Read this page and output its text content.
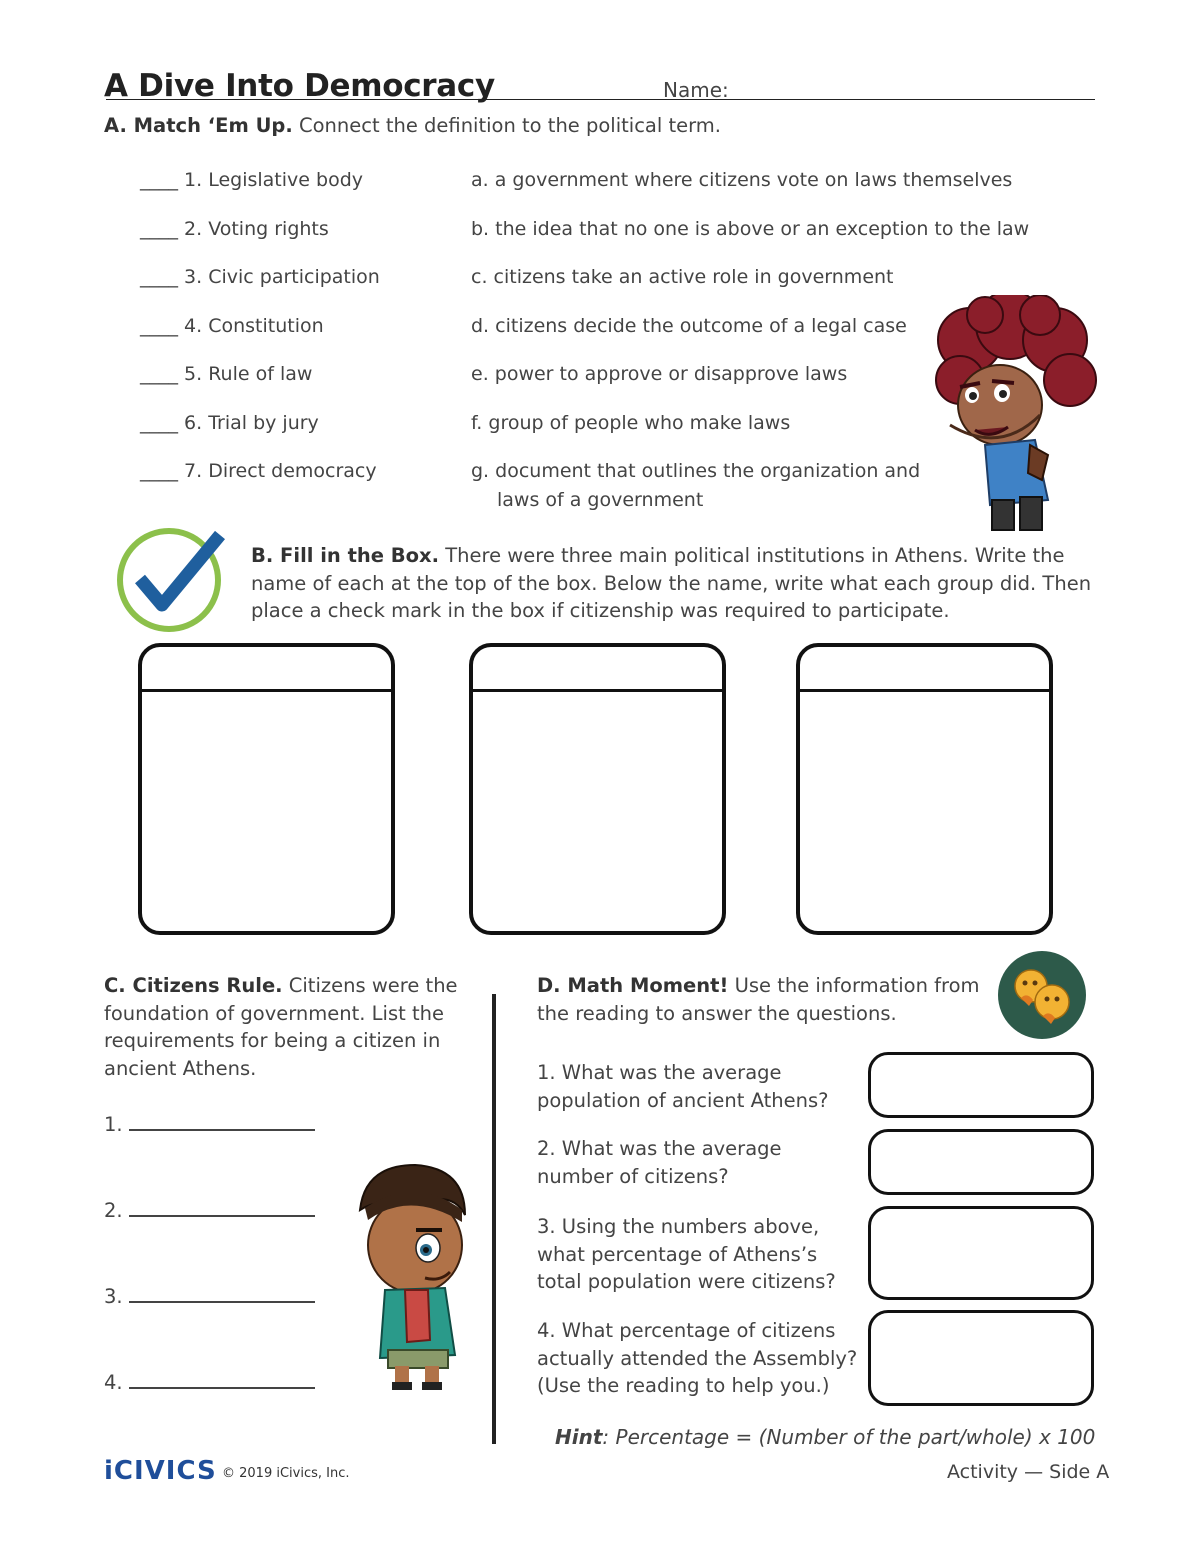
A Dive Into Democracy	Name:
A. Match ‘Em Up. Connect the definition to the political term.
____ 1. Legislative body
____ 2. Voting rights
____ 3. Civic participation
____ 4. Constitution
____ 5. Rule of law
____ 6. Trial by jury
____ 7. Direct democracy
a. a government where citizens vote on laws themselves
b. the idea that no one is above or an exception to the law
c. citizens take an active role in government
d. citizens decide the outcome of a legal case
e. power to approve or disapprove laws
f. group of people who make laws
g. document that outlines the organization and
laws of a government
B. Fill in the Box. There were three main political institutions in Athens. Write the
name of each at the top of the box. Below the name, write what each group did. Then
place a check mark in the box if citizenship was required to participate.
C. Citizens Rule. Citizens were the
foundation of government. List the
requirements for being a citizen in
ancient Athens.
1.
2.
3.
4.
D. Math Moment! Use the information from
the reading to answer the questions.
1. What was the average
population of ancient Athens?
2. What was the average
number of citizens?
3. Using the numbers above,
what percentage of Athens’s
total population were citizens?
4. What percentage of citizens
actually attended the Assembly?
(Use the reading to help you.)
Hint: Percentage = (Number of the part/whole) x 100
iCIVICS © 2019 iCivics, Inc.	Activity — Side A
